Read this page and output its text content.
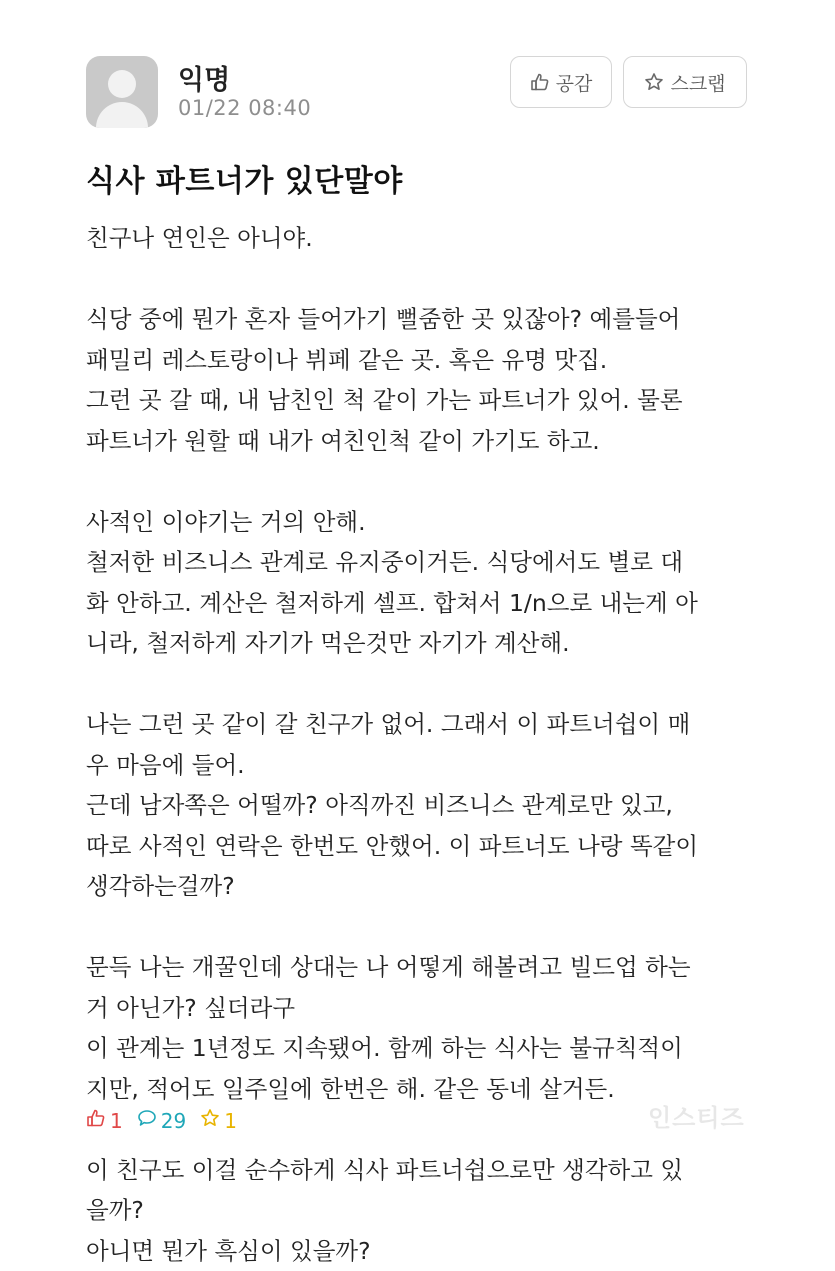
익명
01/22 08:40
공감	스크랩
식사 파트너가 있단말야

친구나 연인은 아니야.

식당 중에 뭔가 혼자 들어가기 뻘줌한 곳 있잖아? 예를들어

패밀리 레스토랑이나 뷔페 같은 곳. 혹은 유명 맛집.

그런 곳 갈 때, 내 남친인 척 같이 가는 파트너가 있어. 물론

파트너가 원할 때 내가 여친인척 같이 가기도 하고.

사적인 이야기는 거의 안해.

철저한 비즈니스 관계로 유지중이거든. 식당에서도 별로 대

화 안하고. 계산은 철저하게 셀프. 합쳐서 1/n으로 내는게 아

니라, 철저하게 자기가 먹은것만 자기가 계산해.

나는 그런 곳 같이 갈 친구가 없어. 그래서 이 파트너쉽이 매

우 마음에 들어.

근데 남자쪽은 어떨까? 아직까진 비즈니스 관계로만 있고,

따로 사적인 연락은 한번도 안했어. 이 파트너도 나랑 똑같이

생각하는걸까?

문득 나는 개꿀인데 상대는 나 어떻게 해볼려고 빌드업 하는

거 아닌가? 싶더라구

이 관계는 1년정도 지속됐어. 함께 하는 식사는 불규칙적이

지만, 적어도 일주일에 한번은 해. 같은 동네 살거든.

이 친구도 이걸 순수하게 식사 파트너쉽으로만 생각하고 있

을까?

아니면 뭔가 흑심이 있을까?

1 29 1	인스티즈
